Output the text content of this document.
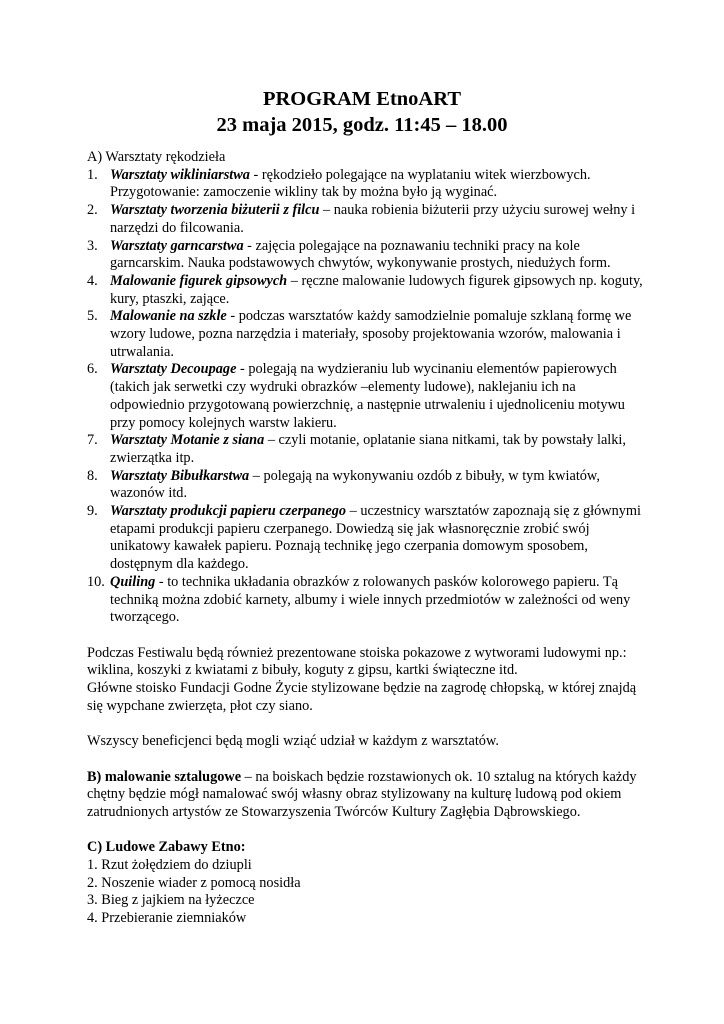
PROGRAM EtnoART
23 maja 2015, godz. 11:45 – 18.00

A) Warsztaty rękodzieła

1. Warsztaty wikliniarstwa - rękodzieło polegające na wyplataniu witek wierzbowych. Przygotowanie: zamoczenie wikliny tak by można było ją wyginać.
2. Warsztaty tworzenia biżuterii z filcu – nauka robienia biżuterii przy użyciu surowej wełny i narzędzi do filcowania.
3. Warsztaty garncarstwa - zajęcia polegające na poznawaniu techniki pracy na kole garncarskim. Nauka podstawowych chwytów, wykonywanie prostych, niedużych form.
4. Malowanie figurek gipsowych – ręczne malowanie ludowych figurek gipsowych np. koguty, kury, ptaszki, zające.
5. Malowanie na szkle - podczas warsztatów każdy samodzielnie pomaluje szklaną formę we wzory ludowe, pozna narzędzia i materiały, sposoby projektowania wzorów, malowania i utrwalania.
6. Warsztaty Decoupage - polegają na wydzieraniu lub wycinaniu elementów papierowych (takich jak serwetki czy wydruki obrazków –elementy ludowe), naklejaniu ich na odpowiednio przygotowaną powierzchnię, a następnie utrwaleniu i ujednoliceniu motywu przy pomocy kolejnych warstw lakieru.
7. Warsztaty Motanie z siana – czyli motanie, oplatanie siana nitkami, tak by powstały lalki, zwierzątka itp.
8. Warsztaty Bibułkarstwa – polegają na wykonywaniu ozdób z bibuły, w tym kwiatów, wazonów itd.
9. Warsztaty produkcji papieru czerpanego – uczestnicy warsztatów zapoznają się z głównymi etapami produkcji papieru czerpanego. Dowiedzą się jak własnoręcznie zrobić swój unikatowy kawałek papieru. Poznają technikę jego czerpania domowym sposobem, dostępnym dla każdego.
10. Quiling - to technika układania obrazków z rolowanych pasków kolorowego papieru. Tą techniką można zdobić karnety, albumy i wiele innych przedmiotów w zależności od weny tworzącego.

Podczas Festiwalu będą również prezentowane stoiska pokazowe z wytworami ludowymi np.: wiklina, koszyki z kwiatami z bibuły, koguty z gipsu, kartki świąteczne itd.

Główne stoisko Fundacji Godne Życie stylizowane będzie na zagrodę chłopską, w której znajdą się wypchane zwierzęta, płot czy siano.

Wszyscy beneficjenci będą mogli wziąć udział w każdym z warsztatów.

B) malowanie sztalugowe – na boiskach będzie rozstawionych ok. 10 sztalug na których każdy chętny będzie mógł namalować swój własny obraz stylizowany na kulturę ludową pod okiem zatrudnionych artystów ze Stowarzyszenia Twórców Kultury Zagłębia Dąbrowskiego.

C) Ludowe Zabawy Etno:

1. Rzut żołędziem do dziupli
2. Noszenie wiader z pomocą nosidła
3. Bieg z jajkiem na łyżeczce
4. Przebieranie ziemniaków
